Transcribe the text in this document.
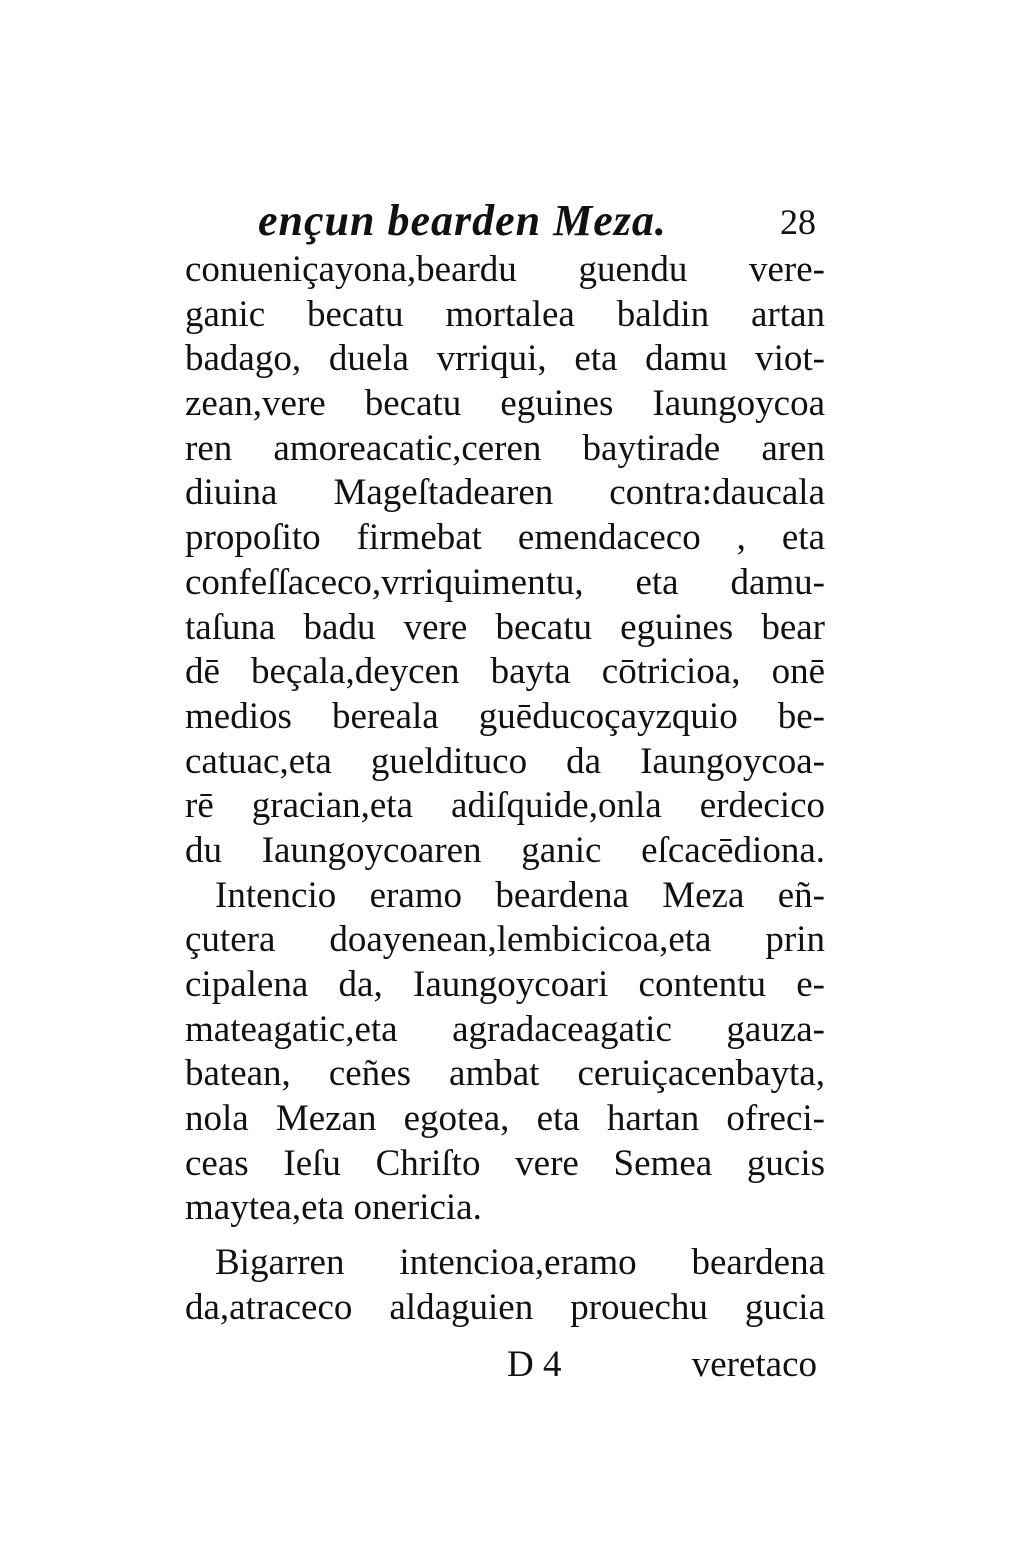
ençun bearden Meza.	28
conueniçayona,beardu guendu vere-
ganic becatu mortalea baldin artan
badago, duela vrriqui, eta damu viot-
zean,vere becatu eguines Iaungoycoa
ren amoreacatic,ceren baytirade aren
diuina Mageſtadearen contra:daucala
propoſito firmebat emendaceco , eta
confeſſaceco,vrriquimentu, eta damu-
taſuna badu vere becatu eguines bear
dē beçala,deycen bayta cōtricioa, onē
medios bereala guēducoçayzquio be-
catuac,eta gueldituco da Iaungoycoa-
rē gracian,eta adiſquide,onla erdecico
du Iaungoycoaren ganic eſcacēdiona.
Intencio eramo beardena Meza eñ-
çutera doayenean,lembicicoa,eta prin
cipalena da, Iaungoycoari contentu e-
mateagatic,eta agradaceagatic gauza-
batean, ceñes ambat ceruiçacenbayta,
nola Mezan egotea, eta hartan ofreci-
ceas Ieſu Chriſto vere Semea gucis
maytea,eta onericia.
Bigarren intencioa,eramo beardena
da,atraceco aldaguien prouechu gucia
D 4	veretaco
